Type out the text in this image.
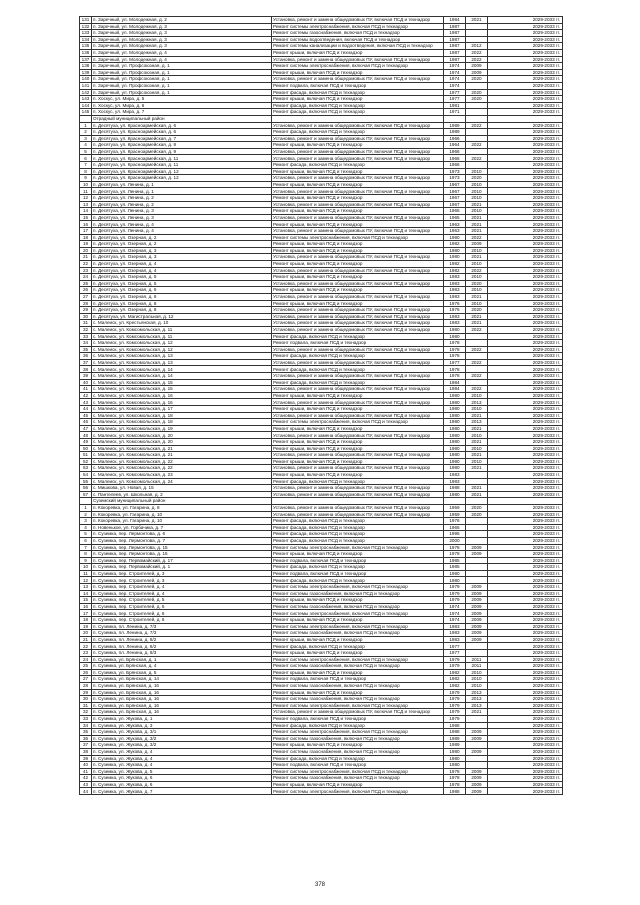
131	п. Заречный, ул. Молодежная, д. 2	Установка, ремонт и замена общедомовых ПУ, включая ПСД и технадзор	1984	2021	2029-2033 гг.
132	п. Заречный, ул. Молодежная, д. 3	Ремонт системы электроснабжения, включая ПСД и технадзор	1987		2029-2033 гг.
133	п. Заречный, ул. Молодежная, д. 3	Ремонт системы газоснабжения, включая ПСД и технадзор	1987		2029-2033 гг.
134	п. Заречный, ул. Молодежная, д. 3	Ремонт системы водоотведения, включая ПСД и технадзор	1987		2029-2033 гг.
135	п. Заречный, ул. Молодежная, д. 3	Ремонт системы канализации и водоотведения, включая ПСД и технадзор	1987	2012	2029-2033 гг.
136	п. Заречный, ул. Молодежная, д. 4	Ремонт крыши, включая ПСД и технадзор	1987	2022	2029-2033 гг.
137	п. Заречный, ул. Молодежная, д. 4	Установка, ремонт и замена общедомовых ПУ, включая ПСД и технадзор	1987	2022	2029-2033 гг.
138	п. Заречный, ул. Профсоюзная, д. 1	Ремонт системы электроснабжения, включая ПСД и технадзор	1974	2009	2029-2033 гг.
139	п. Заречный, ул. Профсоюзная, д. 1	Ремонт крыши, включая ПСД и технадзор	1974	2009	2029-2033 гг.
140	п. Заречный, ул. Профсоюзная, д. 1	Установка, ремонт и замена общедомовых ПУ, включая ПСД и технадзор	1974	2020	2029-2033 гг.
141	п. Заречный, ул. Профсоюзная, д. 1	Ремонт подвала, включая ПСД и технадзор	1974		2029-2033 гг.
142	п. Заречный, ул. Профсоюзная, д. 1	Ремонт фасада, включая ПСД и технадзор	1977	2020	2029-2033 гг.
143	п. Хоскус, ул. Мира, д. 5	Ремонт крыши, включая ПСД и технадзор	1977	2020	2029-2033 гг.
144	п. Хоскус, ул. Мира, д. 6	Ремонт фасада, включая ПСД и технадзор	1981		2029-2033 гг.
145	п. Хоскус, ул. Мира, д. 7	Ремонт фасада, включая ПСД и технадзор	1971		2029-2033 гг.
	Отрадный муниципальный район				
1	п. Десятуха, ул. Красноармейская, д. 6	Установка, ремонт и замена общедомовых ПУ, включая ПСД и технадзор	1989	2022	2029-2033 гг.
2	п. Десятуха, ул. Красноармейская, д. 6	Ремонт фасада, включая ПСД и технадзор	1989		2029-2033 гг.
3	п. Десятуха, ул. Красноармейская, д. 7	Установка, ремонт и замена общедомовых ПУ, включая ПСД и технадзор	1966		2029-2033 гг.
4	п. Десятуха, ул. Красноармейская, д. 8	Ремонт крыши, включая ПСД и технадзор	1964	2022	2029-2033 гг.
5	п. Десятуха, ул. Красноармейская, д. 9	Установка, ремонт и замена общедомовых ПУ, включая ПСД и технадзор	1966		2029-2033 гг.
6	п. Десятуха, ул. Красноармейская, д. 11	Установка, ремонт и замена общедомовых ПУ, включая ПСД и технадзор	1966	2022	2029-2033 гг.
7	п. Десятуха, ул. Красноармейская, д. 11	Ремонт фасада, включая ПСД и технадзор	1966		2029-2033 гг.
8	п. Десятуха, ул. Красноармейская, д. 12	Ремонт крыши, включая ПСД и технадзор	1973	2010	2029-2033 гг.
9	п. Десятуха, ул. Красноармейская, д. 12	Установка, ремонт и замена общедомовых ПУ, включая ПСД и технадзор	1973	2020	2029-2033 гг.
10	п. Десятуха, ул. Ленина, д. 1	Ремонт крыши, включая ПСД и технадзор	1967	2010	2029-2033 гг.
11	п. Десятуха, ул. Ленина, д. 1	Установка, ремонт и замена общедомовых ПУ, включая ПСД и технадзор	1967	2010	2029-2033 гг.
12	п. Десятуха, ул. Ленина, д. 2	Ремонт крыши, включая ПСД и технадзор	1967	2010	2029-2033 гг.
13	п. Десятуха, ул. Ленина, д. 2	Установка, ремонт и замена общедомовых ПУ, включая ПСД и технадзор	1967	2021	2029-2033 гг.
14	п. Десятуха, ул. Ленина, д. 3	Ремонт крыши, включая ПСД и технадзор	1965	2010	2029-2033 гг.
15	п. Десятуха, ул. Ленина, д. 3	Установка, ремонт и замена общедомовых ПУ, включая ПСД и технадзор	1965	2021	2029-2033 гг.
16	п. Десятуха, ул. Ленина, д. 4	Ремонт крыши, включая ПСД и технадзор	1963	2021	2029-2033 гг.
17	п. Десятуха, ул. Ленина, д. 4	Установка, ремонт и замена общедомовых ПУ, включая ПСД и технадзор	1963	2021	2029-2033 гг.
18	п. Десятуха, ул. Озерная, д. 2	Ремонт системы электроснабжения, включая ПСД и технадзор	1980	2022	2029-2033 гг.
19	п. Десятуха, ул. Озерная, д. 2	Ремонт крыши, включая ПСД и технадзор	1982	2009	2029-2033 гг.
20	п. Десятуха, ул. Озерная, д. 3	Ремонт крыши, включая ПСД и технадзор	1980	2010	2029-2033 гг.
21	п. Десятуха, ул. Озерная, д. 3	Установка, ремонт и замена общедомовых ПУ, включая ПСД и технадзор	1980	2021	2029-2033 гг.
22	п. Десятуха, ул. Озерная, д. 4	Ремонт крыши, включая ПСД и технадзор	1982	2010	2029-2033 гг.
23	п. Десятуха, ул. Озерная, д. 4	Установка, ремонт и замена общедомовых ПУ, включая ПСД и технадзор	1982	2022	2029-2033 гг.
24	п. Десятуха, ул. Озерная, д. 5	Ремонт крыши, включая ПСД и технадзор	1983	2010	2029-2033 гг.
25	п. Десятуха, ул. Озерная, д. 5	Установка, ремонт и замена общедомовых ПУ, включая ПСД и технадзор	1983	2020	2029-2033 гг.
26	п. Десятуха, ул. Озерная, д. 6	Ремонт крыши, включая ПСД и технадзор	1983	2010	2029-2033 гг.
27	п. Десятуха, ул. Озерная, д. 6	Установка, ремонт и замена общедомовых ПУ, включая ПСД и технадзор	1983	2021	2029-2033 гг.
28	п. Десятуха, ул. Озерная, д. 8	Ремонт крыши, включая ПСД и технадзор	1976	2010	2029-2033 гг.
29	п. Десятуха, ул. Озерная, д. 8	Установка, ремонт и замена общедомовых ПУ, включая ПСД и технадзор	1976	2020	2029-2033 гг.
30	п. Десятуха, ул. Магистральная, д. 12	Установка, ремонт и замена общедомовых ПУ, включая ПСД и технадзор	1983	2021	2029-2033 гг.
31	с. Малеиск, ул. Крестьянская, д. 10	Установка, ремонт и замена общедомовых ПУ, включая ПСД и технадзор	1983	2021	2029-2033 гг.
32	с. Малеиск, ул. Комсомольская, д. 11	Установка, ремонт и замена общедомовых ПУ, включая ПСД и технадзор	1980	2022	2029-2033 гг.
33	с. Малеиск, ул. Комсомольская, д. 11	Ремонт фасада, включая ПСД и технадзор	1980		2029-2033 гг.
34	с. Малеиск, ул. Комсомольская, д. 12	Ремонт подвала, включая ПСД и технадзор	1978		2029-2033 гг.
35	с. Малеиск, ул. Комсомольская, д. 12	Установка, ремонт и замена общедомовых ПУ, включая ПСД и технадзор	1978	2022	2029-2033 гг.
36	с. Малеиск, ул. Комсомольская, д. 13	Ремонт фасада, включая ПСД и технадзор	1978		2029-2033 гг.
37	с. Малеиск, ул. Комсомольская, д. 13	Установка, ремонт и замена общедомовых ПУ, включая ПСД и технадзор	1977	2022	2029-2033 гг.
38	с. Малеиск, ул. Комсомольская, д. 14	Ремонт фасада, включая ПСД и технадзор	1978		2029-2033 гг.
39	с. Малеиск, ул. Комсомольская, д. 14	Установка, ремонт и замена общедомовых ПУ, включая ПСД и технадзор	1978	2022	2029-2033 гг.
40	с. Малеиск, ул. Комсомольская, д. 15	Ремонт фасада, включая ПСД и технадзор	1984		2029-2033 гг.
41	с. Малеиск, ул. Комсомольская, д. 15	Установка, ремонт и замена общедомовых ПУ, включая ПСД и технадзор	1984	2022	2029-2033 гг.
42	с. Малеиск, ул. Комсомольская, д. 16	Ремонт крыши, включая ПСД и технадзор	1980	2010	2029-2033 гг.
43	с. Малеиск, ул. Комсомольская, д. 16	Установка, ремонт и замена общедомовых ПУ, включая ПСД и технадзор	1980	2013	2029-2033 гг.
44	с. Малеиск, ул. Комсомольская, д. 17	Ремонт крыши, включая ПСД и технадзор	1980	2010	2029-2033 гг.
45	с. Малеиск, ул. Комсомольская, д. 18	Установка, ремонт и замена общедомовых ПУ, включая ПСД и технадзор	1980	2021	2029-2033 гг.
46	с. Малеиск, ул. Комсомольская, д. 18	Ремонт системы электроснабжения, включая ПСД и технадзор	1980	2013	2029-2033 гг.
47	с. Малеиск, ул. Комсомольская, д. 19	Ремонт крыши, включая ПСД и технадзор	1980	2021	2029-2033 гг.
48	с. Малеиск, ул. Комсомольская, д. 20	Установка, ремонт и замена общедомовых ПУ, включая ПСД и технадзор	1980	2010	2029-2033 гг.
49	с. Малеиск, ул. Комсомольская, д. 20	Ремонт крыши, включая ПСД и технадзор	1980	2021	2029-2033 гг.
50	с. Малеиск, ул. Комсомольская, д. 21	Ремонт крыши, включая ПСД и технадзор	1980	2010	2029-2033 гг.
51	с. Малеиск, ул. Комсомольская, д. 21	Установка, ремонт и замена общедомовых ПУ, включая ПСД и технадзор	1980	2021	2029-2033 гг.
52	с. Малеиск, ул. Комсомольская, д. 22	Ремонт крыши, включая ПСД и технадзор	1980	2010	2029-2033 гг.
53	с. Малеиск, ул. Комсомольская, д. 22	Установка, ремонт и замена общедомовых ПУ, включая ПСД и технадзор	1980	2021	2029-2033 гг.
54	с. Малеиск, ул. Комсомольская, д. 23	Ремонт крыши, включая ПСД и технадзор	1983		2029-2033 гг.
55	с. Малеиск, ул. Комсомольская, д. 24	Ремонт фасада, включая ПСД и технадзор	1983		2029-2033 гг.
56	с. Мишкова, ул. Новая, д. 15	Установка, ремонт и замена общедомовых ПУ, включая ПСД и технадзор	1988	2021	2029-2033 гг.
57	с. Пантелеев, ул. Школьная, д. 2	Установка, ремонт и замена общедомовых ПУ, включая ПСД и технадзор	1980	2021	2029-2033 гг.
	Суземский муниципальный район				
1	п. Кокоревка, ул. Гагарина, д. 8	Установка, ремонт и замена общедомовых ПУ, включая ПСД и технадзор	1959	2020	2029-2033 гг.
2	п. Кокоревка, ул. Гагарина, д. 10	Установка, ремонт и замена общедомовых ПУ, включая ПСД и технадзор	1959	2020	2029-2033 гг.
3	п. Кокоревка, ул. Гагарина, д. 10	Ремонт фасада, включая ПСД и технадзор	1976		2029-2033 гг.
4	п. Новенькое, ул. Горбачика, д. 7	Ремонт фасада, включая ПСД и технадзор	1965		2029-2033 гг.
5	п. Суземка, пер. Лермонтова, д. 6	Ремонт фасада, включая ПСД и технадзор	1995		2029-2033 гг.
6	п. Суземка, пер. Лермонтова, д. 7	Ремонт фасада, включая ПСД и технадзор	2000		2029-2033 гг.
7	п. Суземка, пер. Лермонтова, д. 15	Ремонт системы электроснабжения, включая ПСД и технадзор	1978	2009	2029-2033 гг.
8	п. Суземка, пер. Лермонтова, д. 15	Ремонт крыши, включая ПСД и технадзор	1978	2009	2029-2033 гг.
9	п. Суземка, пер. Первомайский, д. 17	Ремонт подвала, включая ПСД и технадзор	1985		2029-2033 гг.
10	п. Суземка, пер. Первомайский, д. 1	Ремонт фасада, включая ПСД и технадзор	1985		2029-2033 гг.
11	п. Суземка, пер. Строителей, д. 3	Ремонт подвала, включая ПСД и технадзор	1980		2029-2033 гг.
12	п. Суземка, пер. Строителей, д. 3	Ремонт фасада, включая ПСД и технадзор	1980		2029-2033 гг.
13	п. Суземка, пер. Строителей, д. 4	Ремонт системы электроснабжения, включая ПСД и технадзор	1979	2009	2029-2033 гг.
14	п. Суземка, пер. Строителей, д. 4	Ремонт системы газоснабжения, включая ПСД и технадзор	1979	2009	2029-2033 гг.
15	п. Суземка, пер. Строителей, д. 5	Ремонт крыши, включая ПСД и технадзор	1979	2009	2029-2033 гг.
16	п. Суземка, пер. Строителей, д. 6	Ремонт системы газоснабжения, включая ПСД и технадзор	1974	2009	2029-2033 гг.
17	п. Суземка, пер. Строителей, д. 6	Ремонт системы электроснабжения, включая ПСД и технадзор	1974	2009	2029-2033 гг.
18	п. Суземка, пер. Строителей, д. 6	Ремонт крыши, включая ПСД и технадзор	1974	2009	2029-2033 гг.
19	п. Суземка, пл. Ленина, д. 7/3	Ремонт системы электроснабжения, включая ПСД и технадзор	1983	2009	2029-2033 гг.
20	п. Суземка, пл. Ленина, д. 7/3	Ремонт системы газоснабжения, включая ПСД и технадзор	1983	2009	2029-2033 гг.
21	п. Суземка, пл. Ленина, д. 8/2	Ремонт крыши, включая ПСД и технадзор	1983	2009	2029-2033 гг.
22	п. Суземка, пл. Ленина, д. 8/2	Ремонт фасада, включая ПСД и технадзор	1977		2029-2033 гг.
23	п. Суземка, пл. Ленина, д. 8/3	Ремонт крыши, включая ПСД и технадзор	1977		2029-2033 гг.
24	п. Суземка, ул. Брянская, д. 1	Ремонт системы электроснабжения, включая ПСД и технадзор	1979	2011	2029-2033 гг.
25	п. Суземка, ул. Брянская, д. 4	Ремонт системы газоснабжения, включая ПСД и технадзор	1979	2011	2029-2033 гг.
26	п. Суземка, ул. Брянская, д. 5	Ремонт крыши, включая ПСД и технадзор	1982	2010	2029-2033 гг.
27	п. Суземка, ул. Брянская, д. 14	Ремонт подвала, включая ПСД и технадзор	1982	2010	2029-2033 гг.
28	п. Суземка, ул. Брянская, д. 16	Ремонт системы газоснабжения, включая ПСД и технадзор	1982	2010	2029-2033 гг.
29	п. Суземка, ул. Брянская, д. 16	Ремонт крыши, включая ПСД и технадзор	1979	2013	2029-2033 гг.
30	п. Суземка, ул. Брянская, д. 16	Ремонт системы газоснабжения, включая ПСД и технадзор	1979	2013	2029-2033 гг.
31	п. Суземка, ул. Брянская, д. 16	Ремонт системы электроснабжения, включая ПСД и технадзор	1979	2013	2029-2033 гг.
32	п. Суземка, ул. Брянская, д. 16	Установка, ремонт и замена общедомовых ПУ, включая ПСД и технадзор	1979	2021	2029-2033 гг.
33	п. Суземка, ул. Жукова, д. 1	Ремонт подвала, включая ПСД и технадзор	1979		2029-2033 гг.
34	п. Суземка, ул. Жукова, д. 3	Ремонт фасада, включая ПСД и технадзор	1988		2029-2033 гг.
35	п. Суземка, ул. Жукова, д. 3/1	Ремонт системы электроснабжения, включая ПСД и технадзор	1988	2009	2029-2033 гг.
36	п. Суземка, ул. Жукова, д. 3/2	Ремонт системы газоснабжения, включая ПСД и технадзор	1989	2009	2029-2033 гг.
37	п. Суземка, ул. Жукова, д. 3/2	Ремонт крыши, включая ПСД и технадзор	1989		2029-2033 гг.
38	п. Суземка, ул. Жукова, д. 4	Ремонт системы газоснабжения, включая ПСД и технадзор	1980	2009	2029-2033 гг.
39	п. Суземка, ул. Жукова, д. 4	Ремонт фасада, включая ПСД и технадзор	1980		2029-2033 гг.
40	п. Суземка, ул. Жукова, д. 4	Ремонт подвала, включая ПСД и технадзор	1980		2029-2033 гг.
41	п. Суземка, ул. Жукова, д. 5	Ремонт системы электроснабжения, включая ПСД и технадзор	1978	2009	2029-2033 гг.
42	п. Суземка, ул. Жукова, д. 6	Ремонт системы газоснабжения, включая ПСД и технадзор	1978	2009	2029-2033 гг.
43	п. Суземка, ул. Жукова, д. 6	Ремонт крыши, включая ПСД и технадзор	1978	2009	2029-2033 гг.
44	п. Суземка, ул. Жукова, д. 7	Ремонт системы электроснабжения, включая ПСД и технадзор	1988	2009	2029-2033 гг.
378
